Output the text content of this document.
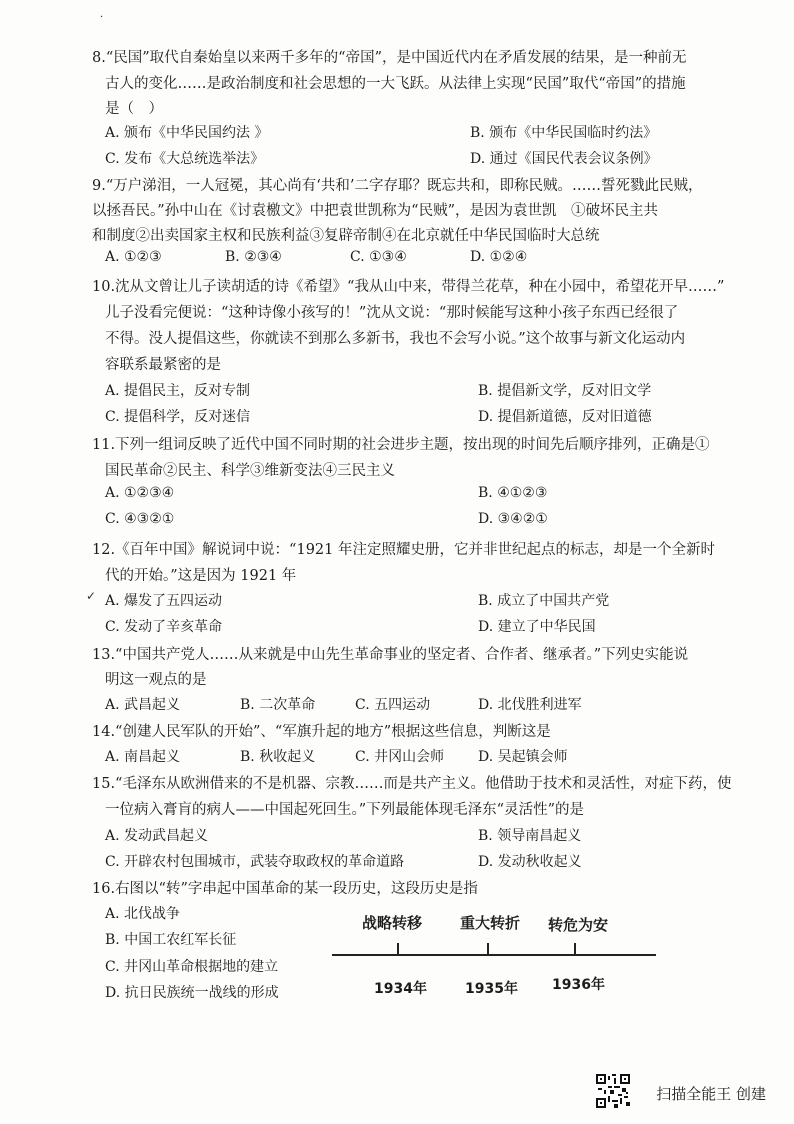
·
8.“民国”取代自秦始皇以来两千多年的“帝国”，是中国近代内在矛盾发展的结果，是一种前无
古人的变化……是政治制度和社会思想的一大飞跃。从法律上实现“民国”取代“帝国”的措施
是（　）
A. 颁布《中华民国约法 》	B. 颁布《中华民国临时约法》
C. 发布《大总统选举法》	D. 通过《国民代表会议条例》
9.“万户涕泪，一人冠冕，其心尚有‘共和’二字存耶？既忘共和，即称民贼。……誓死戮此民贼，
以拯吾民。”孙中山在《讨袁檄文》中把袁世凯称为“民贼”，是因为袁世凯　①破坏民主共
和制度②出卖国家主权和民族利益③复辟帝制④在北京就任中华民国临时大总统
A. ①②③	B. ②③④	C. ①③④	D. ①②④
10.沈从文曾让儿子读胡适的诗《希望》“我从山中来，带得兰花草，种在小园中，希望花开早……”
儿子没看完便说：“这种诗像小孩写的！”沈从文说：“那时候能写这种小孩子东西已经很了
不得。没人提倡这些，你就读不到那么多新书，我也不会写小说。”这个故事与新文化运动内
容联系最紧密的是
A. 提倡民主，反对专制	B. 提倡新文学，反对旧文学
C. 提倡科学，反对迷信	D. 提倡新道德，反对旧道德
11.下列一组词反映了近代中国不同时期的社会进步主题，按出现的时间先后顺序排列，正确是①
国民革命②民主、科学③维新变法④三民主义
A. ①②③④	B. ④①②③
C. ④③②①	D. ③④②①
12.《百年中国》解说词中说：“1921 年注定照耀史册，它并非世纪起点的标志，却是一个全新时
代的开始。”这是因为 1921 年
✓ A. 爆发了五四运动	B. 成立了中国共产党
C. 发动了辛亥革命	D. 建立了中华民国
13.“中国共产党人……从来就是中山先生革命事业的坚定者、合作者、继承者。”下列史实能说
明这一观点的是
A. 武昌起义	B. 二次革命	C. 五四运动	D. 北伐胜利进军
14.“创建人民军队的开始”、“军旗升起的地方”根据这些信息，判断这是
A. 南昌起义	B. 秋收起义	C. 井冈山会师 D. 吴起镇会师
15.“毛泽东从欧洲借来的不是机器、宗教……而是共产主义。他借助于技术和灵活性，对症下药，使
一位病入膏肓的病人——中国起死回生。”下列最能体现毛泽东“灵活性”的是
A. 发动武昌起义	B. 领导南昌起义
C. 开辟农村包围城市，武装夺取政权的革命道路	D. 发动秋收起义
16.右图以“转”字串起中国革命的某一段历史，这段历史是指
A. 北伐战争
B. 中国工农红军长征
C. 井冈山革命根据地的建立
D. 抗日民族统一战线的形成
战略转移	重大转折 转危为安
1934年	1935年 1936年
扫描全能王 创建
